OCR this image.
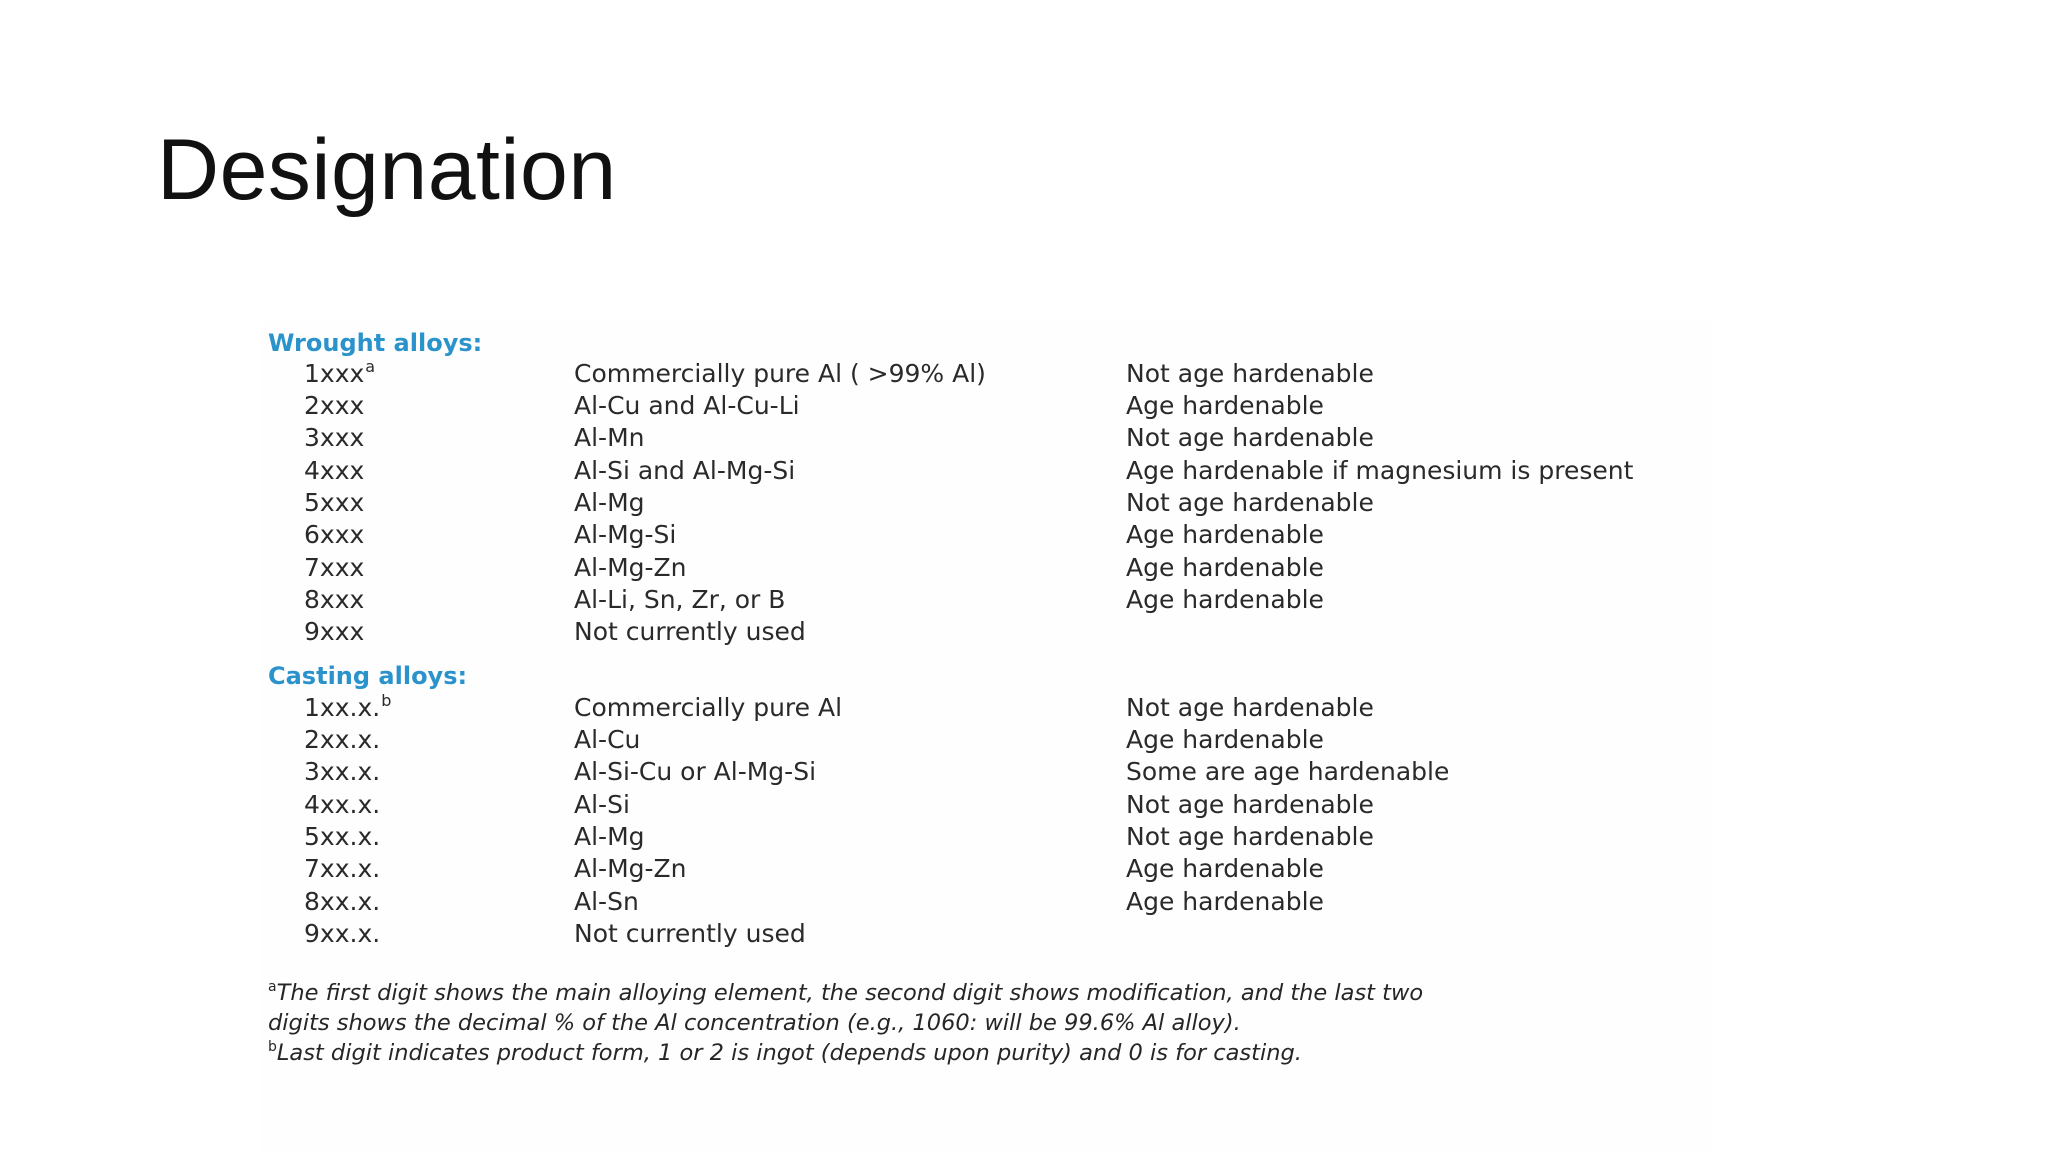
Designation
Wrought alloys:
1xxx$^a$	Commercially pure Al ( >99% Al)	Not age hardenable
2xxx	Al-Cu and Al-Cu-Li	Age hardenable
3xxx	Al-Mn	Not age hardenable
4xxx	Al-Si and Al-Mg-Si	Age hardenable if magnesium is present
5xxx	Al-Mg	Not age hardenable
6xxx	Al-Mg-Si	Age hardenable
7xxx	Al-Mg-Zn	Age hardenable
8xxx	Al-Li, Sn, Zr, or B	Age hardenable
9xxx	Not currently used
Casting alloys:
1xx.x.$^b$	Commercially pure Al	Not age hardenable
2xx.x.	Al-Cu	Age hardenable
3xx.x.	Al-Si-Cu or Al-Mg-Si	Some are age hardenable
4xx.x.	Al-Si	Not age hardenable
5xx.x.	Al-Mg	Not age hardenable
7xx.x.	Al-Mg-Zn	Age hardenable
8xx.x.	Al-Sn	Age hardenable
9xx.x.	Not currently used
$^a$The first digit shows the main alloying element, the second digit shows modification, and the last two
digits shows the decimal % of the Al concentration (e.g., 1060: will be 99.6% Al alloy).
$^b$Last digit indicates product form, 1 or 2 is ingot (depends upon purity) and 0 is for casting.
